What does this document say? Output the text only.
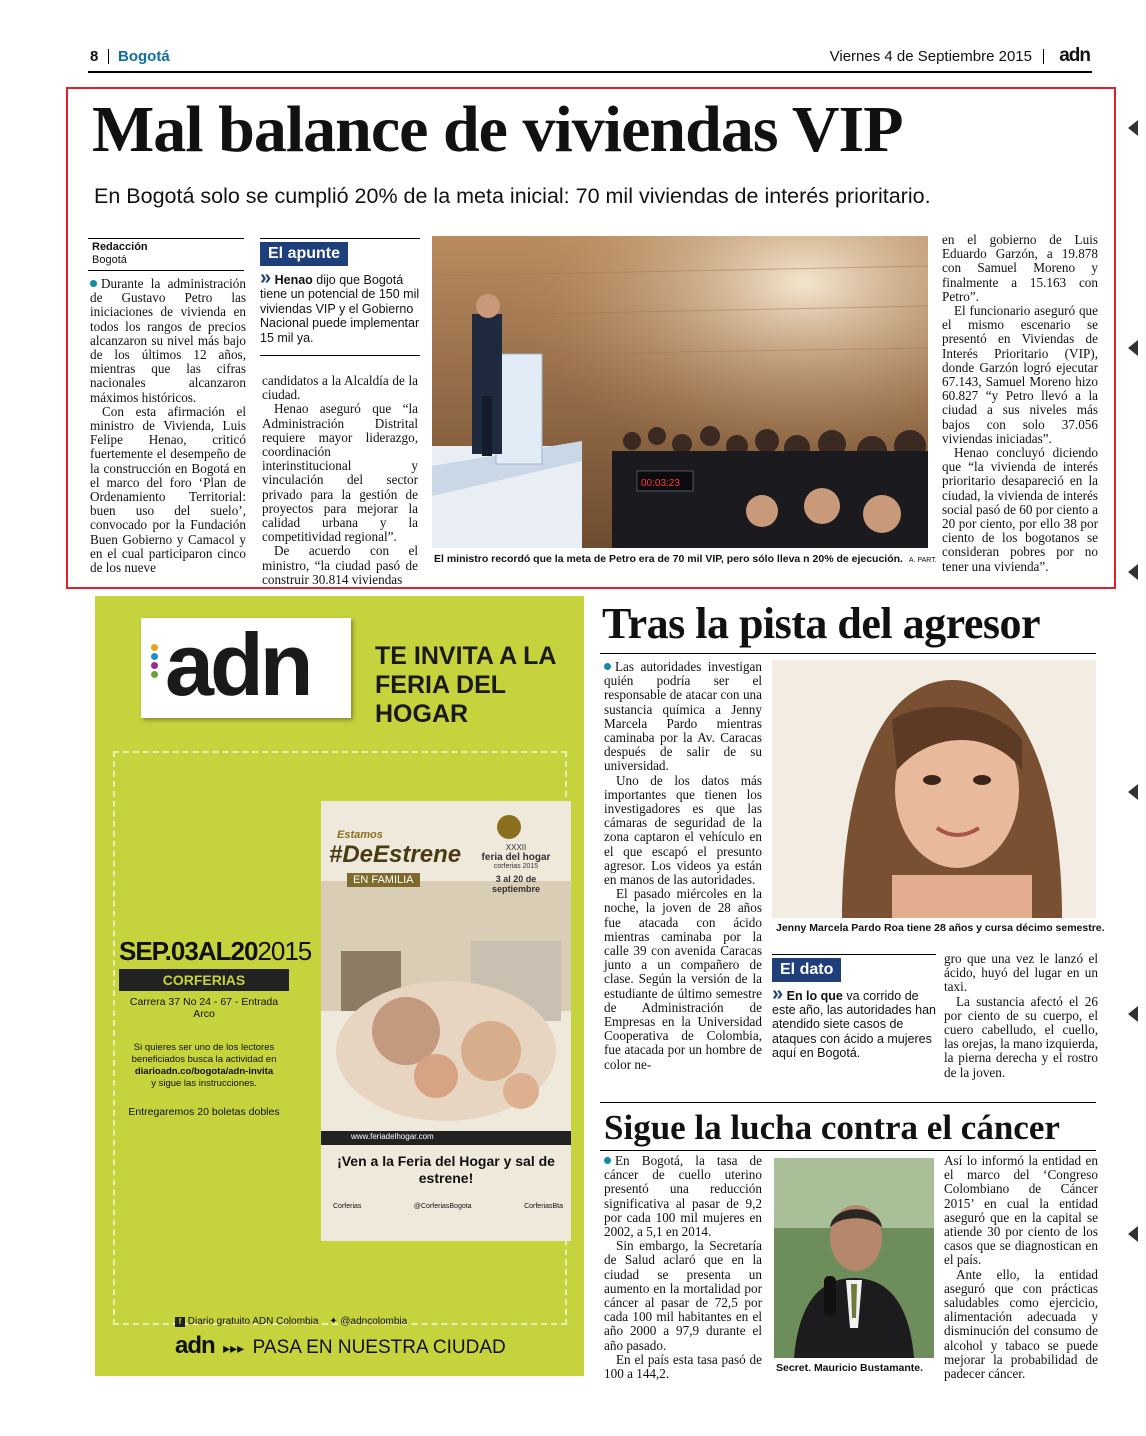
8 Bogotá	Viernes 4 de Septiembre 2015 adn
Mal balance de viviendas VIP
En Bogotá solo se cumplió 20% de la meta inicial: 70 mil viviendas de interés prioritario.
Redacción
Bogotá

Durante la administración de Gustavo Petro las iniciaciones de vivienda en todos los rangos de precios alcanzaron su nivel más bajo de los últimos 12 años, mientras que las cifras nacionales alcanzaron máximos históricos.

Con esta afirmación el ministro de Vivienda, Luis Felipe Henao, criticó fuertemente el desempeño de la construcción en Bogotá en el marco del foro ‘Plan de Ordenamiento Territorial: buen uso del suelo’, convocado por la Fundación Buen Gobierno y Camacol y en el cual participaron cinco de los nueve

El apunte
» Henao dijo que Bogotá tiene un potencial de 150 mil viviendas VIP y el Gobierno Nacional puede implementar 15 mil ya.

candidatos a la Alcaldía de la ciudad.

Henao aseguró que “la Administración Distrital requiere mayor liderazgo, coordinación interinstitucional y vinculación del sector privado para la gestión de proyectos para mejorar la calidad urbana y la competitividad regional”.

De acuerdo con el ministro, “la ciudad pasó de construir 30.814 viviendas

00:03:23
El ministro recordó que la meta de Petro era de 70 mil VIP, pero sólo lleva n 20% de ejecución. A. PART.

en el gobierno de Luis Eduardo Garzón, a 19.878 con Samuel Moreno y finalmente a 15.163 con Petro”.

El funcionario aseguró que el mismo escenario se presentó en Viviendas de Interés Prioritario (VIP), donde Garzón logró ejecutar 67.143, Samuel Moreno hizo 60.827 “y Petro llevó a la ciudad a sus niveles más bajos con solo 37.056 viviendas iniciadas”.

Henao concluyó diciendo que “la vivienda de interés prioritario desapareció en la ciudad, la vivienda de interés social pasó de 60 por ciento a 20 por ciento, por ello 38 por ciento de los bogotanos se consideran pobres por no tener una vivienda”.

adn	TE INVITA A LA FERIA DEL HOGAR
SEP.03AL202015
CORFERIAS
Carrera 37 No 24 - 67 - Entrada Arco
Si quieres ser uno de los lectores beneficiados busca la actividad en
diarioadn.co/bogota/adn-invita
y sigue las instrucciones.
Entregaremos 20 boletas dobles
Estamos
#DeEstrene
EN FAMILIA
XXXII
feria del hogar
corferias 2015
3 al 20 de septiembre
www.feriadelhogar.com
¡Ven a la Feria del Hogar y sal de estrene!
Corferias	@CorferiasBogota	CorferiasBta
f Diario gratuito ADN Colombia ✦ @adncolombia
adn ▸▸▸ PASA EN NUESTRA CIUDAD
Tras la pista del agresor

Las autoridades investigan quién podría ser el responsable de atacar con una sustancia química a Jenny Marcela Pardo mientras caminaba por la Av. Caracas después de salir de su universidad.

Uno de los datos más importantes que tienen los investigadores es que las cámaras de seguridad de la zona captaron el vehículo en el que escapó el presunto agresor. Los videos ya están en manos de las autoridades.

El pasado miércoles en la noche, la joven de 28 años fue atacada con ácido mientras caminaba por la calle 39 con avenida Caracas junto a un compañero de clase. Según la versión de la estudiante de último semestre de Administración de Empresas en la Universidad Cooperativa de Colombia, fue atacada por un hombre de color ne-

Jenny Marcela Pardo Roa tiene 28 años y cursa décimo semestre.
El dato
» En lo que va corrido de este año, las autoridades han atendido siete casos de ataques con ácido a mujeres aquí en Bogotá.

gro que una vez le lanzó el ácido, huyó del lugar en un taxi.

La sustancia afectó el 26 por ciento de su cuerpo, el cuero cabelludo, el cuello, las orejas, la mano izquierda, la pierna derecha y el rostro de la joven.

Sigue la lucha contra el cáncer

En Bogotá, la tasa de cáncer de cuello uterino presentó una reducción significativa al pasar de 9,2 por cada 100 mil mujeres en 2002, a 5,1 en 2014.

Sin embargo, la Secretaría de Salud aclaró que en la ciudad se presenta un aumento en la mortalidad por cáncer al pasar de 72,5 por cada 100 mil habitantes en el año 2000 a 97,9 durante el año pasado.

En el país esta tasa pasó de 100 a 144,2.	Secret. Mauricio Bustamante.

Así lo informó la entidad en el marco del ‘Congreso Colombiano de Cáncer 2015’ en cual la entidad aseguró que en la capital se atiende 30 por ciento de los casos que se diagnostican en el país.

Ante ello, la entidad aseguró que con prácticas saludables como ejercicio, alimentación adecuada y disminución del consumo de alcohol y tabaco se puede mejorar la probabilidad de padecer cáncer.
